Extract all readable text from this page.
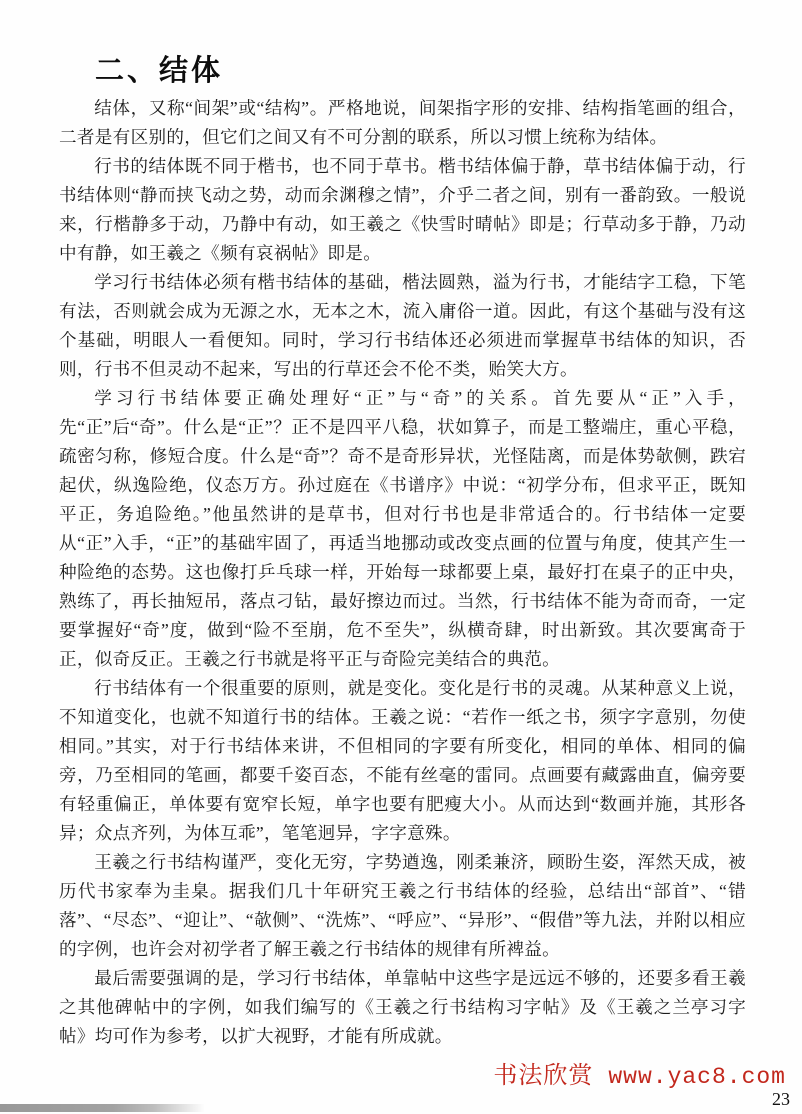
二、结体

结体，又称“间架”或“结构”。严格地说，间架指字形的安排、结构指笔画的组合，二者是有区别的，但它们之间又有不可分割的联系，所以习惯上统称为结体。

行书的结体既不同于楷书，也不同于草书。楷书结体偏于静，草书结体偏于动，行书结体则“静而挟飞动之势，动而余渊穆之情”，介乎二者之间，别有一番韵致。一般说来，行楷静多于动，乃静中有动，如王羲之《快雪时晴帖》即是；行草动多于静，乃动中有静，如王羲之《频有哀祸帖》即是。

学习行书结体必须有楷书结体的基础，楷法圆熟，溢为行书，才能结字工稳，下笔有法，否则就会成为无源之水，无本之木，流入庸俗一道。因此，有这个基础与没有这个基础，明眼人一看便知。同时，学习行书结体还必须进而掌握草书结体的知识，否则，行书不但灵动不起来，写出的行草还会不伦不类，贻笑大方。

学习行书结体要正确处理好“正”与“奇”的关系。首先要从“正”入手，先“正”后“奇”。什么是“正”？正不是四平八稳，状如算子，而是工整端庄，重心平稳，疏密匀称，修短合度。什么是“奇”？奇不是奇形异状，光怪陆离，而是体势欹侧，跌宕起伏，纵逸险绝，仪态万方。孙过庭在《书谱序》中说：“初学分布，但求平正，既知平正，务追险绝。”他虽然讲的是草书，但对行书也是非常适合的。行书结体一定要从“正”入手，“正”的基础牢固了，再适当地挪动或改变点画的位置与角度，使其产生一种险绝的态势。这也像打乒乓球一样，开始每一球都要上桌，最好打在桌子的正中央，熟练了，再长抽短吊，落点刁钻，最好擦边而过。当然，行书结体不能为奇而奇，一定要掌握好“奇”度，做到“险不至崩，危不至失”，纵横奇肆，时出新致。其次要寓奇于正，似奇反正。王羲之行书就是将平正与奇险完美结合的典范。

行书结体有一个很重要的原则，就是变化。变化是行书的灵魂。从某种意义上说，不知道变化，也就不知道行书的结体。王羲之说：“若作一纸之书，须字字意别，勿使相同。”其实，对于行书结体来讲，不但相同的字要有所变化，相同的单体、相同的偏旁，乃至相同的笔画，都要千姿百态，不能有丝毫的雷同。点画要有藏露曲直，偏旁要有轻重偏正，单体要有宽窄长短，单字也要有肥瘦大小。从而达到“数画并施，其形各异；众点齐列，为体互乖”，笔笔迥异，字字意殊。

王羲之行书结构谨严，变化无穷，字势遒逸，刚柔兼济，顾盼生姿，浑然天成，被历代书家奉为圭臬。据我们几十年研究王羲之行书结体的经验，总结出“部首”、“错落”、“尽态”、“迎让”、“欹侧”、“洗炼”、“呼应”、“异形”、“假借”等九法，并附以相应的字例，也许会对初学者了解王羲之行书结体的规律有所裨益。

最后需要强调的是，学习行书结体，单靠帖中这些字是远远不够的，还要多看王羲之其他碑帖中的字例，如我们编写的《王羲之行书结构习字帖》及《王羲之兰亭习字帖》均可作为参考，以扩大视野，才能有所成就。

书法欣赏 www.yac8.com
23
